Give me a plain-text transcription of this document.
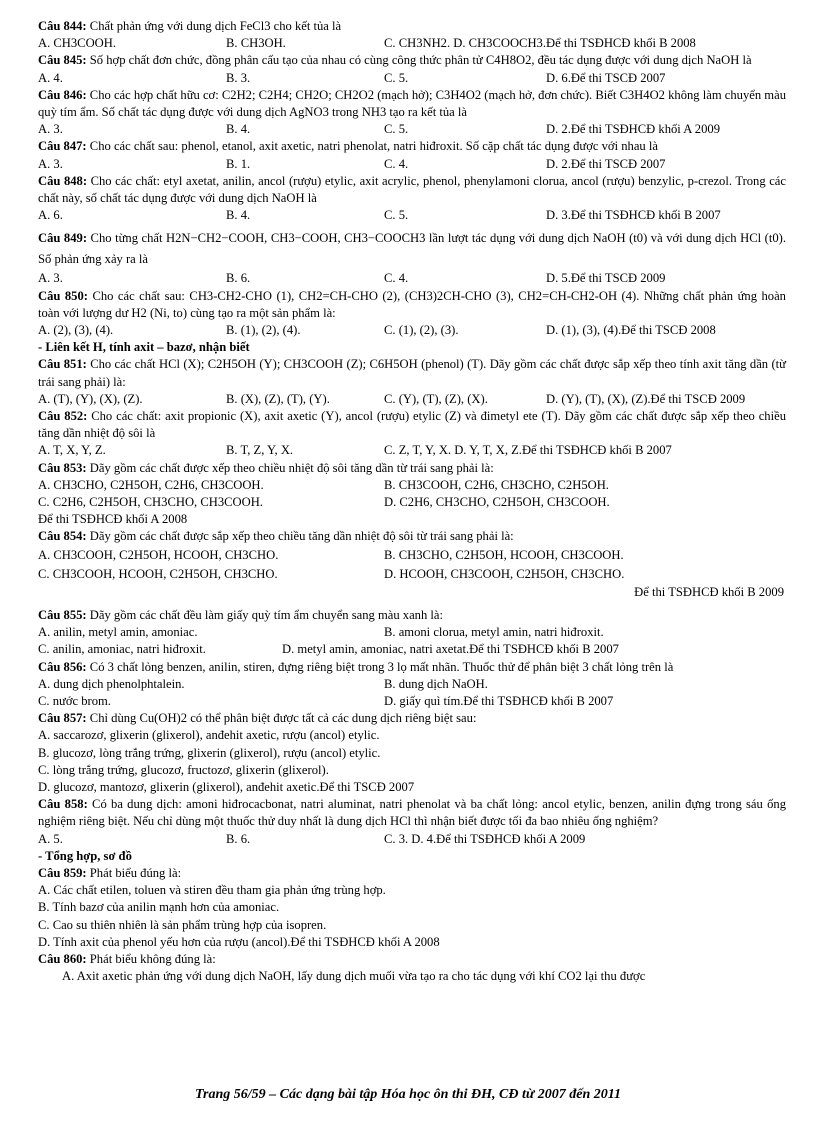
Câu 844: Chất phản ứng với dung dịch FeCl3 cho kết tủa là
A. CH3COOH.	B. CH3OH.	C. CH3NH2. D. CH3COOCH3.Để thi TSĐHCĐ khối B 2008
Câu 845: Số hợp chất đơn chức, đồng phân cấu tạo của nhau có cùng công thức phân tử C4H8O2, đều tác dụng được với dung dịch NaOH là
A. 4.	B. 3.	C. 5.	D. 6.Để thi TSCĐ 2007
Câu 846: Cho các hợp chất hữu cơ: C2H2; C2H4; CH2O; CH2O2 (mạch hở); C3H4O2 (mạch hở, đơn chức). Biết C3H4O2 không làm chuyển màu quỳ tím ẩm. Số chất tác dụng được với dung dịch AgNO3 trong NH3 tạo ra kết tủa là
A. 3.	B. 4.	C. 5.	D. 2.Để thi TSĐHCĐ khối A 2009
Câu 847: Cho các chất sau: phenol, etanol, axit axetic, natri phenolat, natri hiđroxit. Số cặp chất tác dụng được với nhau là
A. 3.	B. 1.	C. 4.	D. 2.Để thi TSCĐ 2007
Câu 848: Cho các chất: etyl axetat, anilin, ancol (rượu) etylic, axit acrylic, phenol, phenylamoni clorua, ancol (rượu) benzylic, p-crezol. Trong các chất này, số chất tác dụng được với dung dịch NaOH là
A. 6.	B. 4.	C. 5.	D. 3.Để thi TSĐHCĐ khối B 2007
Câu 849: Cho từng chất H2N−CH2−COOH, CH3−COOH, CH3−COOCH3 lần lượt tác dụng với dung dịch NaOH (t0) và với dung dịch HCl (t0). Số phản ứng xảy ra là
A. 3.	B. 6.	C. 4.	D. 5.Để thi TSCĐ 2009
Câu 850: Cho các chất sau: CH3-CH2-CHO (1), CH2=CH-CHO (2), (CH3)2CH-CHO (3), CH2=CH-CH2-OH (4). Những chất phản ứng hoàn toàn với lượng dư H2 (Ni, to) cùng tạo ra một sản phẩm là:
A. (2), (3), (4).	B. (1), (2), (4).	C. (1), (2), (3).	D. (1), (3), (4).Để thi TSCĐ 2008
- Liên kết H, tính axit – bazơ, nhận biết
Câu 851: Cho các chất HCl (X); C2H5OH (Y); CH3COOH (Z); C6H5OH (phenol) (T). Dãy gồm các chất được sắp xếp theo tính axit tăng dần (từ trái sang phải) là:
A. (T), (Y), (X), (Z).	B. (X), (Z), (T), (Y).	C. (Y), (T), (Z), (X).	D. (Y), (T), (X), (Z).Để thi TSCĐ 2009
Câu 852: Cho các chất: axit propionic (X), axit axetic (Y), ancol (rượu) etylic (Z) và đimetyl ete (T). Dãy gồm các chất được sắp xếp theo chiều tăng dần nhiệt độ sôi là
A. T, X, Y, Z.	B. T, Z, Y, X.	C. Z, T, Y, X. D. Y, T, X, Z.Để thi TSĐHCĐ khối B 2007
Câu 853: Dãy gồm các chất được xếp theo chiều nhiệt độ sôi tăng dần từ trái sang phải là:
A. CH3CHO, C2H5OH, C2H6, CH3COOH.	B. CH3COOH, C2H6, CH3CHO, C2H5OH.
C. C2H6, C2H5OH, CH3CHO, CH3COOH.	D. C2H6, CH3CHO, C2H5OH, CH3COOH.
Để thi TSĐHCĐ khối A 2008
Câu 854: Dãy gồm các chất được sắp xếp theo chiều tăng dần nhiệt độ sôi từ trái sang phải là:
A. CH3COOH, C2H5OH, HCOOH, CH3CHO.	B. CH3CHO, C2H5OH, HCOOH, CH3COOH.
C. CH3COOH, HCOOH, C2H5OH, CH3CHO.	D. HCOOH, CH3COOH, C2H5OH, CH3CHO.
Để thi TSĐHCĐ khối B 2009
Câu 855: Dãy gồm các chất đều làm giấy quỳ tím ẩm chuyển sang màu xanh là:
A. anilin, metyl amin, amoniac.	B. amoni clorua, metyl amin, natri hiđroxit.
C. anilin, amoniac, natri hiđroxit.	D. metyl amin, amoniac, natri axetat.Để thi TSĐHCĐ khối B 2007
Câu 856: Có 3 chất lỏng benzen, anilin, stiren, đựng riêng biệt trong 3 lọ mất nhãn. Thuốc thử để phân biệt 3 chất lỏng trên là
A. dung dịch phenolphtalein.	B. dung dịch NaOH.
C. nước brom.	D. giấy quì tím.Để thi TSĐHCĐ khối B 2007
Câu 857: Chỉ dùng Cu(OH)2 có thể phân biệt được tất cả các dung dịch riêng biệt sau:
A. saccarozơ, glixerin (glixerol), anđehit axetic, rượu (ancol) etylic.
B. glucozơ, lòng trắng trứng, glixerin (glixerol), rượu (ancol) etylic.
C. lòng trắng trứng, glucozơ, fructozơ, glixerin (glixerol).
D. glucozơ, mantozơ, glixerin (glixerol), anđehit axetic.Để thi TSCĐ 2007
Câu 858: Có ba dung dịch: amoni hiđrocacbonat, natri aluminat, natri phenolat và ba chất lỏng: ancol etylic, benzen, anilin đựng trong sáu ống nghiệm riêng biệt. Nếu chỉ dùng một thuốc thử duy nhất là dung dịch HCl thì nhận biết được tối đa bao nhiêu ống nghiệm?
A. 5.	B. 6.	C. 3. D. 4.Để thi TSĐHCĐ khối A 2009
- Tổng hợp, sơ đồ
Câu 859: Phát biểu đúng là:
A. Các chất etilen, toluen và stiren đều tham gia phản ứng trùng hợp.
B. Tính bazơ của anilin mạnh hơn của amoniac.
C. Cao su thiên nhiên là sản phẩm trùng hợp của isopren.
D. Tính axit của phenol yếu hơn của rượu (ancol).Để thi TSĐHCĐ khối A 2008
Câu 860: Phát biểu không đúng là:
A. Axit axetic phản ứng với dung dịch NaOH, lấy dung dịch muối vừa tạo ra cho tác dụng với khí CO2 lại thu được
Trang 56/59 – Các dạng bài tập Hóa học ôn thi ĐH, CĐ từ 2007 đến 2011
